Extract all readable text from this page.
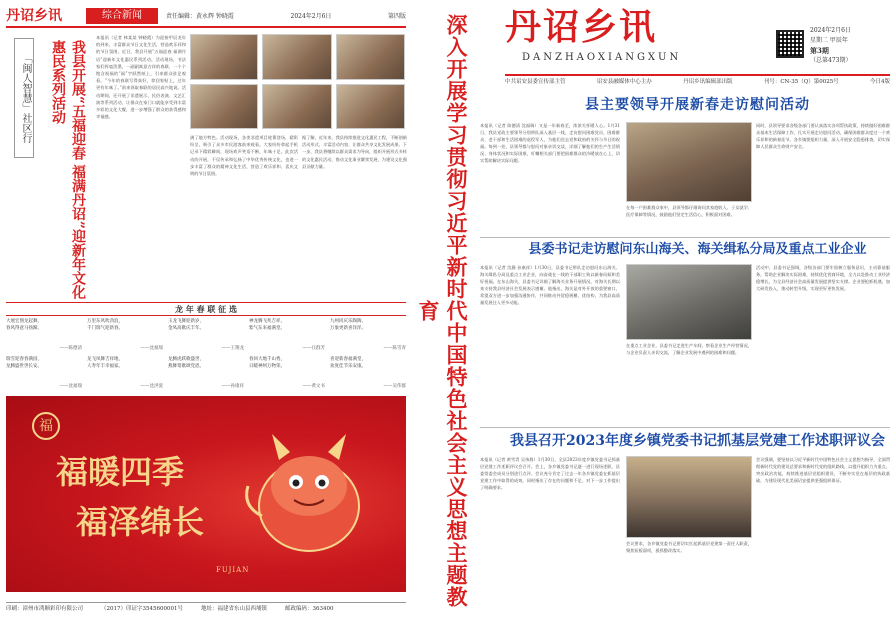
丹诏乡讯	综合新闻	责任编辑：黄永辉 钟晓霞	2024年2月6日	第四版
「闽人智慧」社区行	我县开展“五福迎春 福满丹诏”迎新年文化惠民系列活动
本报讯（记者 林某某 钟晓霞）为迎接甲辰龙年的到来，丰富群众节日文化生活，营造欢乐祥和的节日氛围，近日，我县开展“五福迎春 福满丹诏”迎新年文化惠民系列活动。活动现场，书法家们挥毫泼墨，一副副寓意吉祥的春联、一个个饱含祝福的“福”字跃然纸上，引来群众驻足观看。“今年的春联写得真好，拿回家贴上，过年更有年味了。”前来领取春联的居民高兴地说。活动期间，还开展了非遗展示、民俗表演、文艺汇演等系列活动，让群众在家门口就能享受到丰富多彩的文化大餐，进一步增强了群众的获得感和幸福感。
满了地方特色。活动现场，各类非遗项目轮番登场，精彩纷呈，吸引了众多市民游客前来观看。大家纷纷拿起手机记录下精彩瞬间，现场欢声笑语不断，年味十足。此次活动的开展，不仅传承和弘扬了中华优秀传统文化，也进一步丰富了群众的精神文化生活，营造了欢乐祥和、喜庆文明的节日氛围。
据了解，近年来，我县持续推进文化惠民工程，不断创新活动形式，丰富活动内容，让群众共享文化发展成果。下一步，我县将继续以群众需求为导向，组织开展形式多样的文化惠民活动，推动文化事业繁荣发展，为建设文化强县贡献力量。
龙 年 春 联 征 选
大展宏图龙起舞，
春风得意马扬蹄。
——陈德清
万里东风吹劲浪，
千门瑞气迎新春。
——沈福瑞
玉龙飞舞迎新岁，
金凤高歌庆丰年。
——王翔龙
神龙腾飞兆吉祥，
紫气东来福满堂。
——汪群芳
九州同庆乐陶陶，
万象更新喜洋洋。
——陈雪青
瑞雪迎春春满园，
龙腾盛世世长安。
——沈福瑞
龙飞凤舞吉祥地，
人寿年丰幸福家。
——沈洪爱
龙腾虎跃歌盛世，
燕舞莺歌颂党恩。
——孙康祥
春回大地千山秀，
日暖神州万物荣。
——黄文书
喜迎新春福满堂，
欢度佳节乐安康。
——吴伟群
福
福暖四季
福泽绵长
FUJIAN
印刷：漳州市鸿顺彩印有限公司	（2017）印证字3545600001号	地址：福建省东山县西埔镇	邮政编码：363400
深入开展学习贯彻习近平新时代中国特色社会主义思想主题教育
丹诏乡讯
DANZHAOXIANGXUN
2024年2月6日
星期二 甲辰年
第3期
（总第473期）
中共诏安县委宣传部主管	诏安县融媒体中心主办	丹诏乡讯编辑部出版	刊号：CN-35（Q）第0025号	今日4版
县主要领导开展新春走访慰问活动
本报讯（记者 陈德清 沈福瑞）又是一年新春至，浓浓关怀暖人心。1月31日，我县党政主要领导分别带队深入基层一线，走访慰问困难党员、困难群众、老干部和生活困难的退役军人，为他们送去党和政府的关怀与节日的祝福。每到一处，县领导都与慰问对象亲切交谈，详细了解他们的生产生活情况、身体状况和实际困难，叮嘱相关部门要把困难群众的冷暖放在心上，切实帮助解决实际问题。
在每一户困难群众家中，县领导都仔细询问其家庭收入、子女就学、医疗保障等情况，鼓励他们坚定生活信心，积极面对困难。
同时，县领导要求各级各部门要认真落实各项帮扶政策，持续做好困难群众基本生活保障工作，扎实开展走访慰问活动，确保困难群众度过一个欢乐祥和的新春佳节。各乡镇要组织力量，深入开展安全隐患排查，切实保障人民群众生命财产安全。
县委书记走访慰问东山海关、海关缉私分局及重点工业企业
本报讯（记者 沈静 孙康祥）1月30日，县委书记带队走访慰问东山海关、海关缉私分局及重点工业企业，向奋战在一线的干部职工致以新春问候和美好祝福。在东山海关，县委书记详细了解海关业务开展情况，对海关长期以来支持我县经济社会发展表示感谢。他指出，海关是对外开放的重要窗口，希望双方进一步加强沟通协作，共同推动外贸稳规模、优结构，为我县高质量发展注入更多动能。
在重点工业企业，县委书记走进生产车间，察看企业生产经营情况，与企业负责人亲切交流，了解企业发展中遇到的困难和问题。
活动中，县委书记强调，各级各部门要牢固树立服务意识，主动靠前服务，帮助企业解决实际困难，持续优化营商环境，全力以赴推动工业经济稳增长，为全县经济社会高质量发展提供坚实支撑。企业要抢抓机遇，加大研发投入，推动转型升级，实现更好更快发展。
我县召开2023年度乡镇党委书记抓基层党建工作述职评议会
本报讯（记者 黄雪青 吴伟群）1月30日，全县2023年度乡镇党委书记抓基层党建工作述职评议会召开。会上，各乡镇党委书记逐一进行现场述职，县委常委会成员分别进行点评。会议充分肯定了过去一年各乡镇党委在抓基层党建工作中取得的成效，同时指出了存在的问题和不足，对下一步工作提出了明确要求。
会议要求，各乡镇党委书记要切实扛起抓基层党建第一责任人职责，聚焦短板弱项，狠抓整改落实。
会议强调，要坚持以习近平新时代中国特色社会主义思想为指导，全面贯彻新时代党的建设总要求和新时代党的组织路线，以提升组织力为重点，突出政治功能，持续推进基层党组织建设，不断夯实党在基层的执政基础，为建设现代化美丽诏安提供坚强组织保证。
